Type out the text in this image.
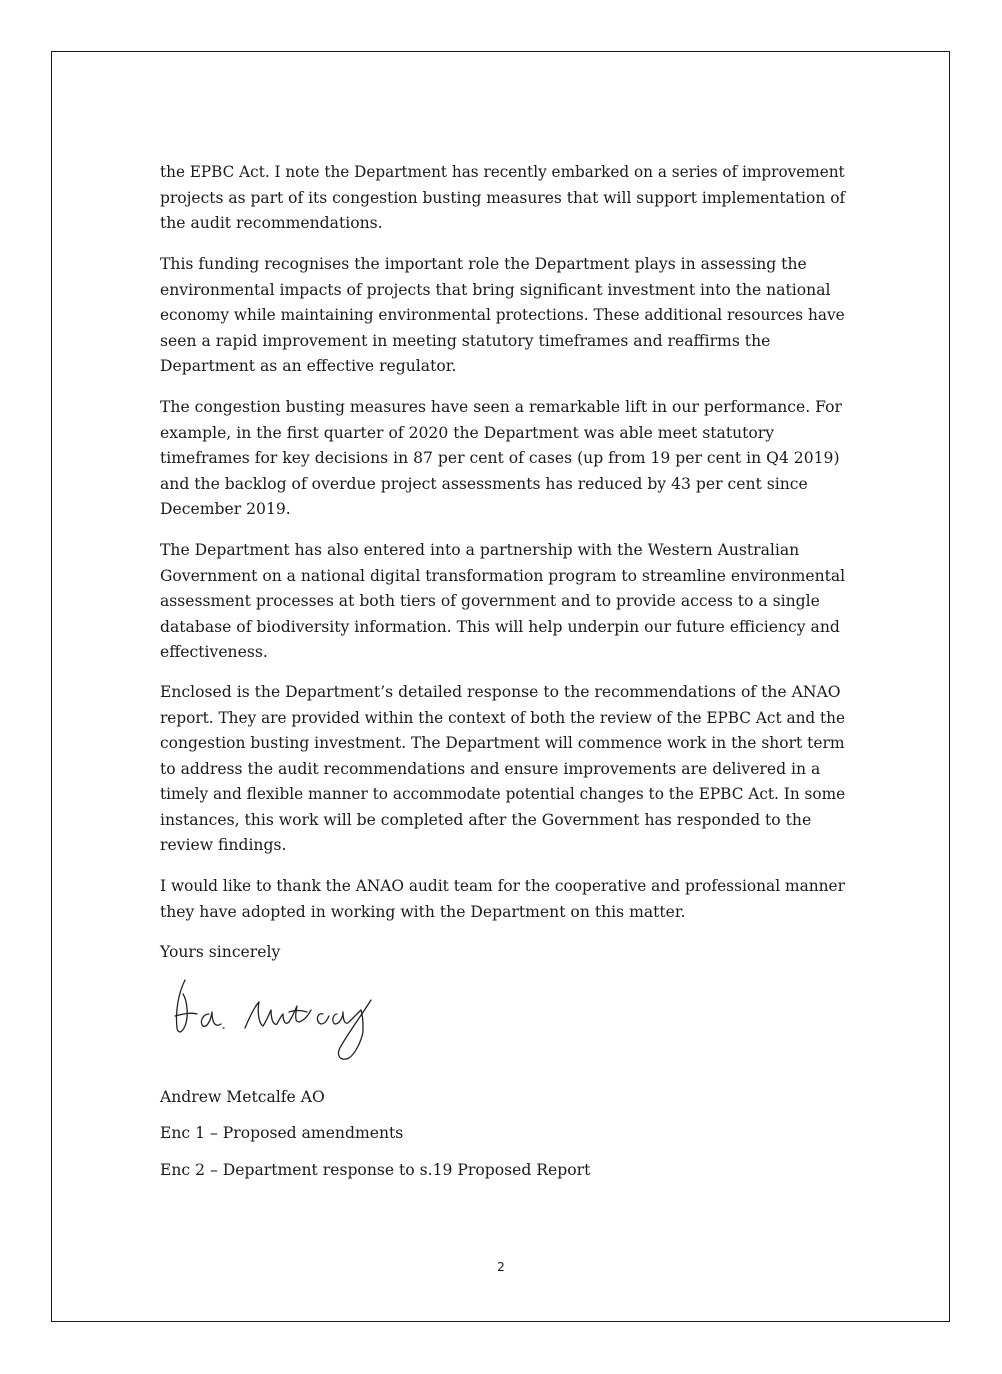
the EPBC Act. I note the Department has recently embarked on a series of improvement

projects as part of its congestion busting measures that will support implementation of

the audit recommendations.

This funding recognises the important role the Department plays in assessing the

environmental impacts of projects that bring significant investment into the national

economy while maintaining environmental protections. These additional resources have

seen a rapid improvement in meeting statutory timeframes and reaffirms the

Department as an effective regulator.

The congestion busting measures have seen a remarkable lift in our performance. For

example, in the first quarter of 2020 the Department was able meet statutory

timeframes for key decisions in 87 per cent of cases (up from 19 per cent in Q4 2019)

and the backlog of overdue project assessments has reduced by 43 per cent since

December 2019.

The Department has also entered into a partnership with the Western Australian

Government on a national digital transformation program to streamline environmental

assessment processes at both tiers of government and to provide access to a single

database of biodiversity information. This will help underpin our future efficiency and

effectiveness.

Enclosed is the Department’s detailed response to the recommendations of the ANAO

report. They are provided within the context of both the review of the EPBC Act and the

congestion busting investment. The Department will commence work in the short term

to address the audit recommendations and ensure improvements are delivered in a

timely and flexible manner to accommodate potential changes to the EPBC Act. In some

instances, this work will be completed after the Government has responded to the

review findings.

I would like to thank the ANAO audit team for the cooperative and professional manner

they have adopted in working with the Department on this matter.

Yours sincerely

Andrew Metcalfe AO

Enc 1 – Proposed amendments

Enc 2 – Department response to s.19 Proposed Report

2
